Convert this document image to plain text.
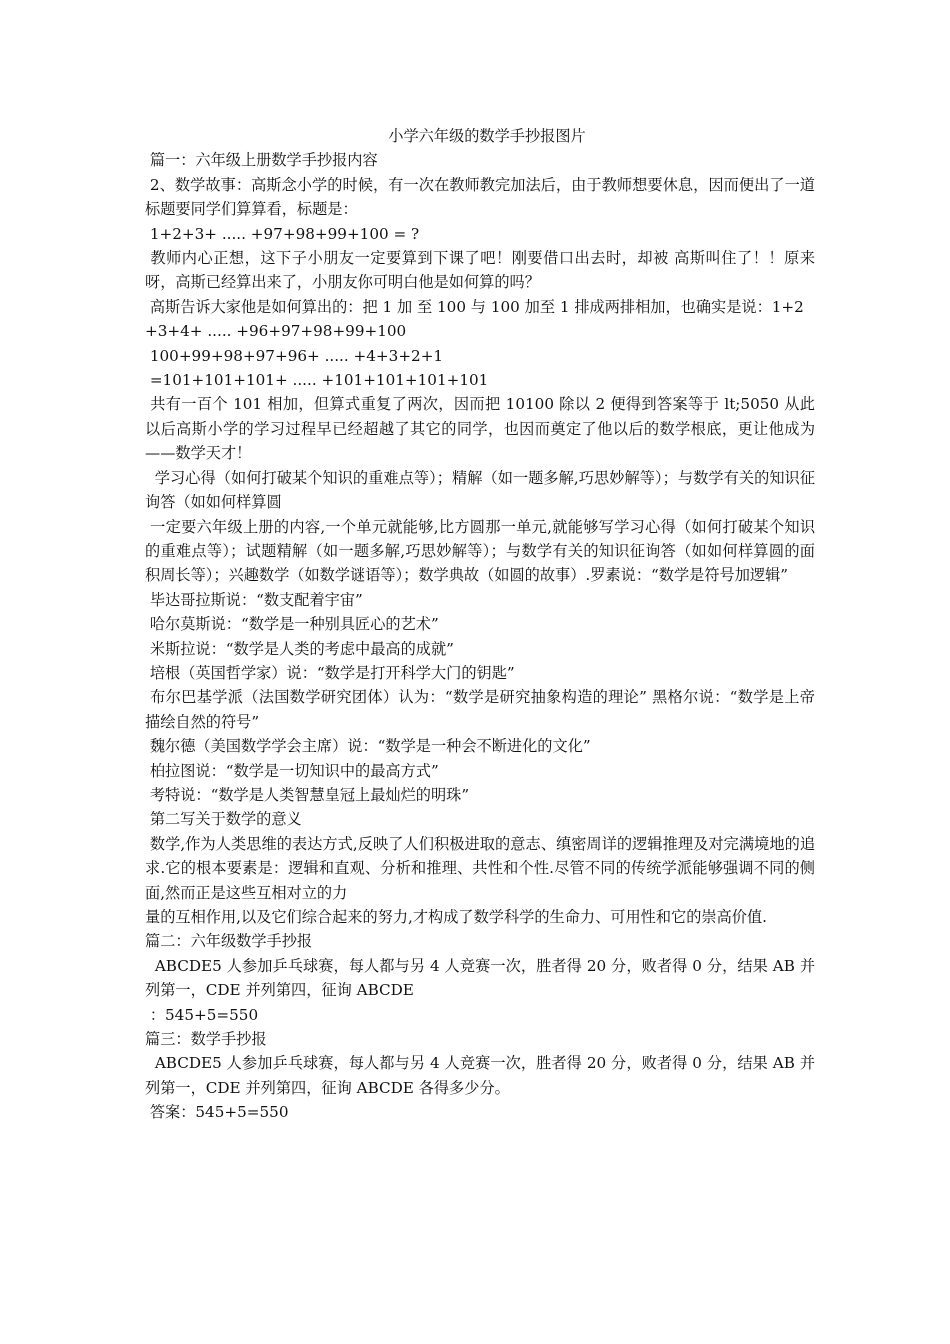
小学六年级的数学手抄报图片

篇一：六年级上册数学手抄报内容

2、数学故事：高斯念小学的时候，有一次在教师教完加法后，由于教师想要休息，因而便出了一道标题要同学们算算看，标题是：

1+2+3+ ..... +97+98+99+100 = ?

教师内心正想，这下子小朋友一定要算到下课了吧！刚要借口出去时，却被 高斯叫住了！！原来呀，高斯已经算出来了，小朋友你可明白他是如何算的吗？

高斯告诉大家他是如何算出的：把 1 加 至 100 与 100 加至 1 排成两排相加，也确实是说：1+2+3+4+ ..... +96+97+98+99+100

100+99+98+97+96+ ..... +4+3+2+1

=101+101+101+ ..... +101+101+101+101

共有一百个 101 相加，但算式重复了两次，因而把 10100 除以 2 便得到答案等于 lt;5050 从此以后高斯小学的学习过程早已经超越了其它的同学，也因而奠定了他以后的数学根底，更让他成为——数学天才！

学习心得（如何打破某个知识的重难点等）；精解（如一题多解,巧思妙解等）；与数学有关的知识征询答（如如何样算圆

一定要六年级上册的内容,一个单元就能够,比方圆那一单元,就能够写学习心得（如何打破某个知识的重难点等）；试题精解（如一题多解,巧思妙解等）；与数学有关的知识征询答（如如何样算圆的面积周长等）；兴趣数学（如数学谜语等）；数学典故（如圆的故事）.罗素说：“数学是符号加逻辑”

毕达哥拉斯说：“数支配着宇宙”

哈尔莫斯说：“数学是一种别具匠心的艺术”

米斯拉说：“数学是人类的考虑中最高的成就”

培根（英国哲学家）说：“数学是打开科学大门的钥匙”

布尔巴基学派（法国数学研究团体）认为：“数学是研究抽象构造的理论” 黑格尔说：“数学是上帝描绘自然的符号”

魏尔德（美国数学学会主席）说：“数学是一种会不断进化的文化”

柏拉图说：“数学是一切知识中的最高方式”

考特说：“数学是人类智慧皇冠上最灿烂的明珠”

第二写关于数学的意义

数学,作为人类思维的表达方式,反映了人们积极进取的意志、缜密周详的逻辑推理及对完满境地的追求.它的根本要素是：逻辑和直观、分析和推理、共性和个性.尽管不同的传统学派能够强调不同的侧面,然而正是这些互相对立的力

量的互相作用,以及它们综合起来的努力,才构成了数学科学的生命力、可用性和它的崇高价值.

篇二：六年级数学手抄报

ABCDE5 人参加乒乓球赛，每人都与另 4 人竞赛一次，胜者得 20 分，败者得 0 分，结果 AB 并列第一，CDE 并列第四，征询 ABCDE

：545+5=550

篇三：数学手抄报

ABCDE5 人参加乒乓球赛，每人都与另 4 人竞赛一次，胜者得 20 分，败者得 0 分，结果 AB 并列第一，CDE 并列第四，征询 ABCDE 各得多少分。

答案：545+5=550
